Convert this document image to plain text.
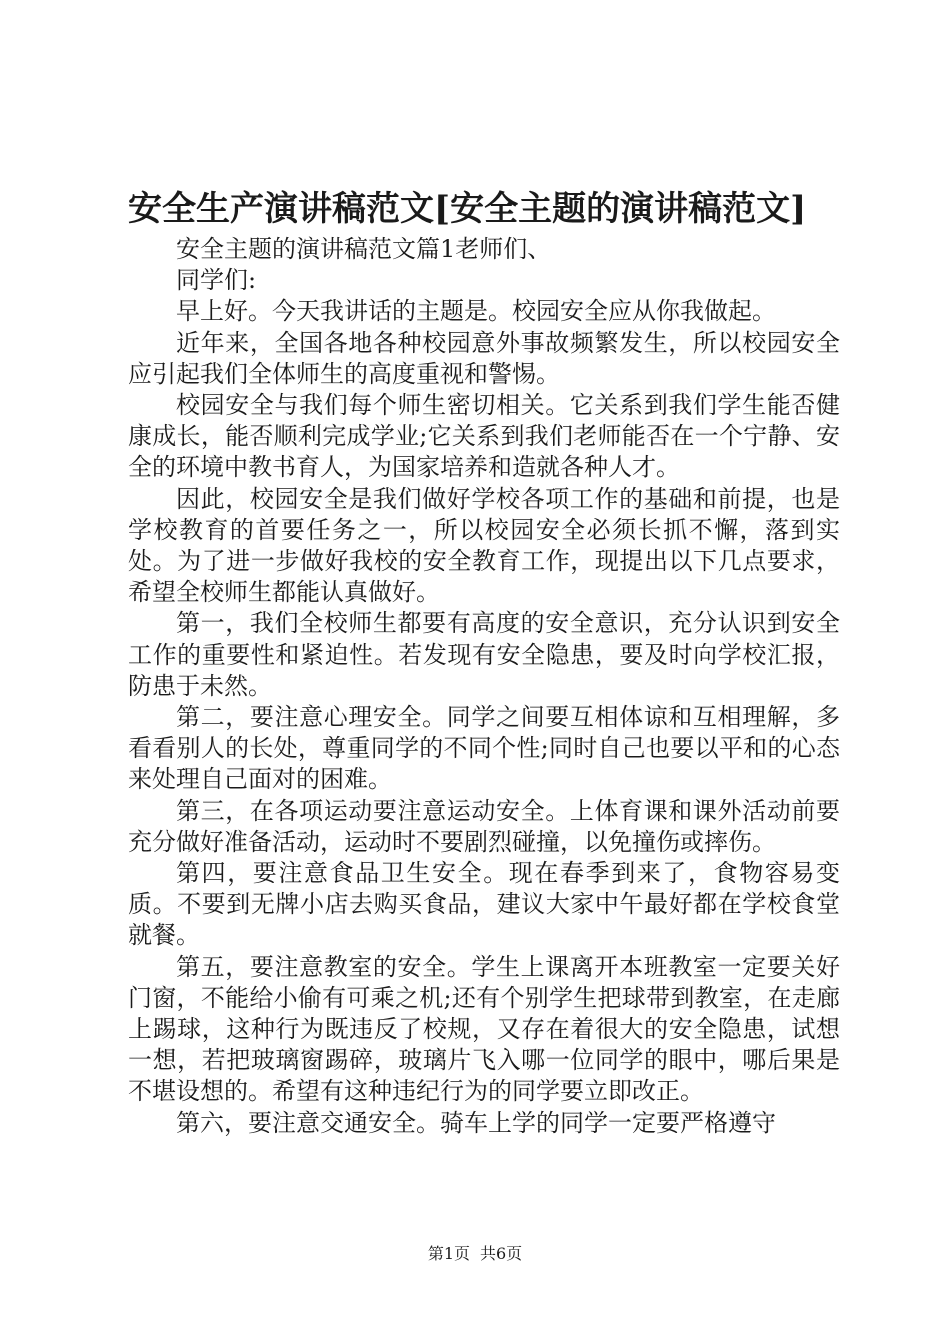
安全生产演讲稿范文[安全主题的演讲稿范文]

安全主题的演讲稿范文篇1老师们、

同学们:

早上好。今天我讲话的主题是。校园安全应从你我做起。

近年来，全国各地各种校园意外事故频繁发生，所以校园安全应引起我们全体师生的高度重视和警惕。

校园安全与我们每个师生密切相关。它关系到我们学生能否健康成长，能否顺利完成学业;它关系到我们老师能否在一个宁静、安全的环境中教书育人，为国家培养和造就各种人才。

因此，校园安全是我们做好学校各项工作的基础和前提，也是学校教育的首要任务之一，所以校园安全必须长抓不懈，落到实处。为了进一步做好我校的安全教育工作，现提出以下几点要求，希望全校师生都能认真做好。

第一，我们全校师生都要有高度的安全意识，充分认识到安全工作的重要性和紧迫性。若发现有安全隐患，要及时向学校汇报，防患于未然。

第二，要注意心理安全。同学之间要互相体谅和互相理解，多看看别人的长处，尊重同学的不同个性;同时自己也要以平和的心态来处理自己面对的困难。

第三，在各项运动要注意运动安全。上体育课和课外活动前要充分做好准备活动，运动时不要剧烈碰撞，以免撞伤或摔伤。

第四，要注意食品卫生安全。现在春季到来了，食物容易变质。不要到无牌小店去购买食品，建议大家中午最好都在学校食堂就餐。

第五，要注意教室的安全。学生上课离开本班教室一定要关好门窗，不能给小偷有可乘之机;还有个别学生把球带到教室，在走廊上踢球，这种行为既违反了校规，又存在着很大的安全隐患，试想一想，若把玻璃窗踢碎，玻璃片飞入哪一位同学的眼中，哪后果是不堪设想的。希望有这种违纪行为的同学要立即改正。

第六，要注意交通安全。骑车上学的同学一定要严格遵守

第1页 共6页
